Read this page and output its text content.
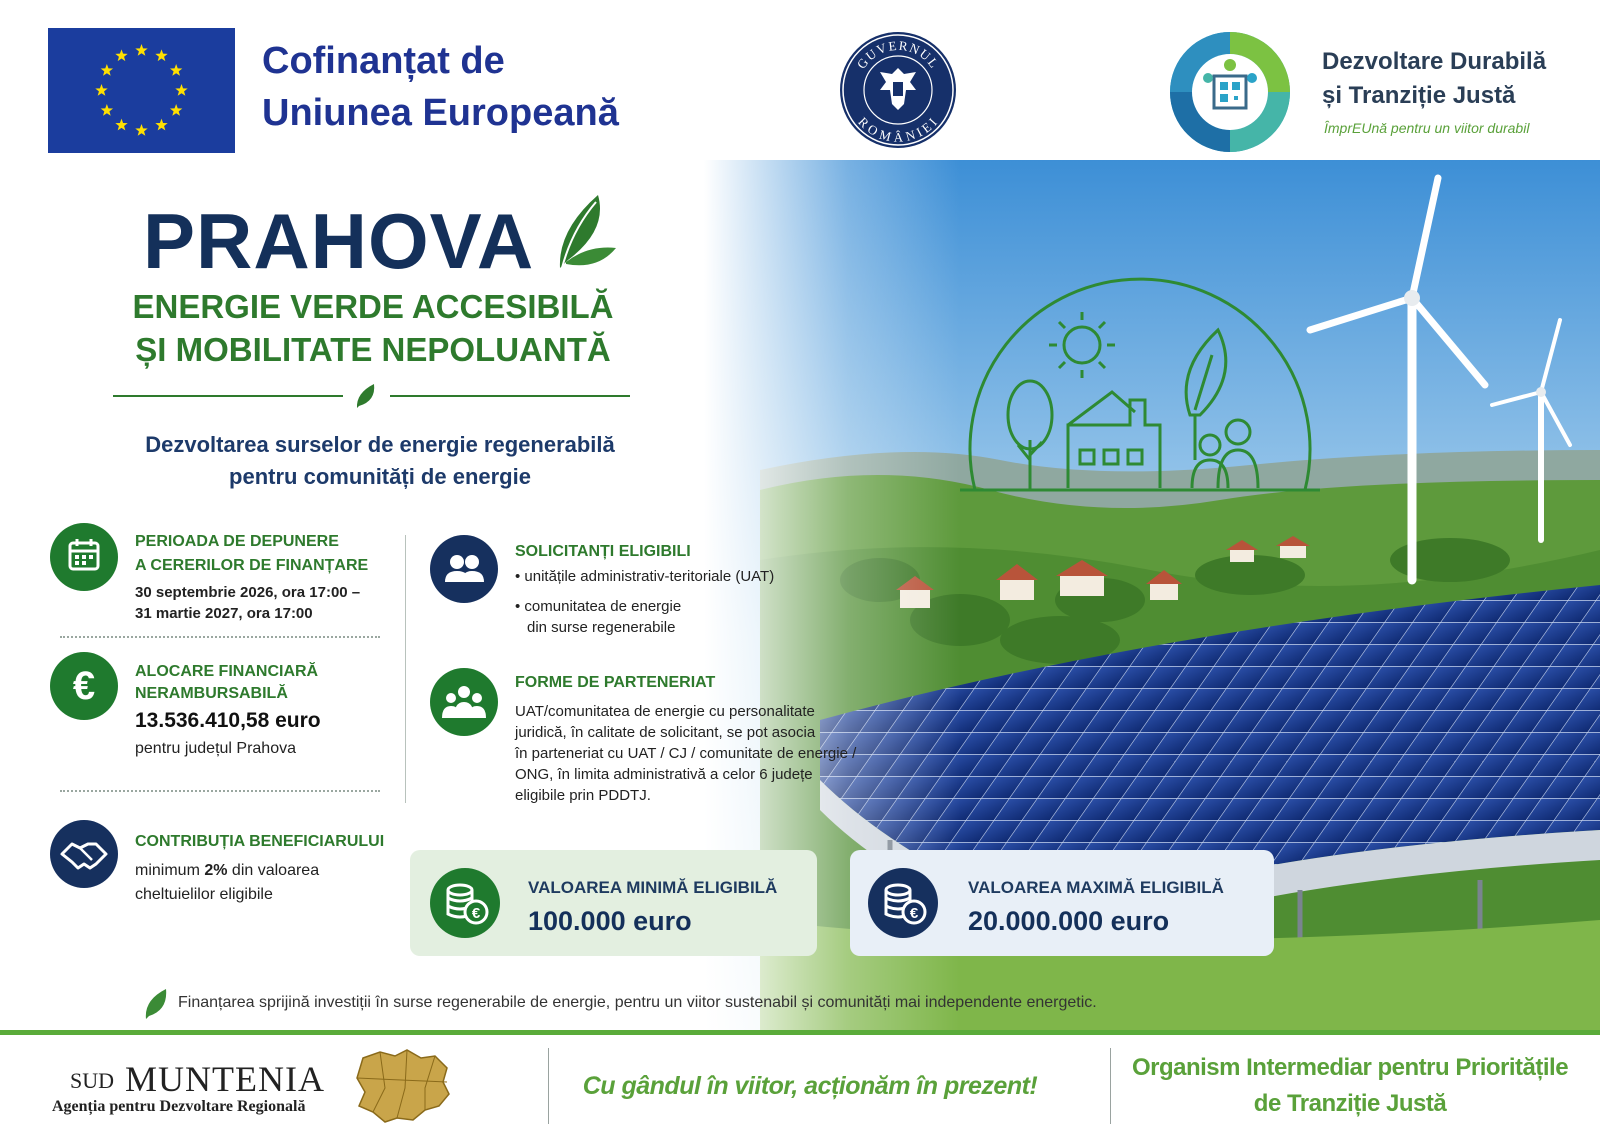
Cofinanțat de
Uniunea Europeană
GUVERNUL
ROMÂNIEI
Dezvoltare Durabilă
și Tranziție Justă
ÎmprEUnă pentru un viitor durabil
PRAHOVA
ENERGIE VERDE ACCESIBILĂ
ȘI MOBILITATE NEPOLUANTĂ
Dezvoltarea surselor de energie regenerabilă
pentru comunități de energie
PERIOADA DE DEPUNERE
A CERERILOR DE FINANȚARE
30 septembrie 2026, ora 17:00 –
31 martie 2027, ora 17:00
€ ALOCARE FINANCIARĂ
NERAMBURSABILĂ
13.536.410,58 euro
pentru județul Prahova
CONTRIBUȚIA BENEFICIARULUI
minimum 2% din valoarea
cheltuielilor eligibile
SOLICITANȚI ELIGIBILI
• unitățile administrativ-teritoriale (UAT)
• comunitatea de energie
din surse regenerabile
FORME DE PARTENERIAT
UAT/comunitatea de energie cu personalitate
juridică, în calitate de solicitant, se pot asocia
în parteneriat cu UAT / CJ / comunitate de energie /
ONG, în limita administrativă a celor 6 județe
eligibile prin PDDTJ.
€
VALOAREA MINIMĂ ELIGIBILĂ
100.000 euro	€
VALOAREA MAXIMĂ ELIGIBILĂ
20.000.000 euro
Finanțarea sprijină investiții în surse regenerabile de energie, pentru un viitor sustenabil și comunități mai independente energetic.
SUD MUNTENIA
Agenția pentru Dezvoltare Regională
Cu gândul în viitor, acționăm în prezent!
Organism Intermediar pentru Prioritățile
de Tranziție Justă
